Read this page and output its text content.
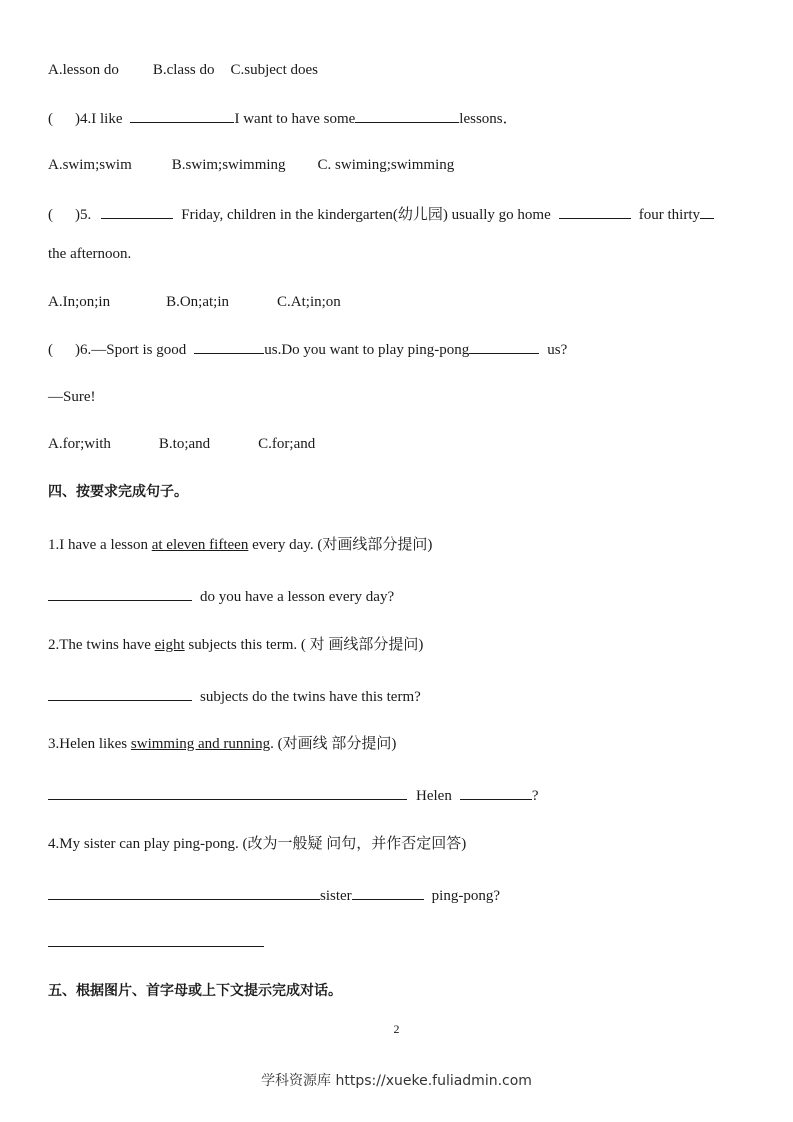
A.lesson do B.class do C.subject does
( )4.I like	I want to have some	lessons．
A.swim;swim	B.swim;swimming C. swiming;swimming
( )5.	Friday, children in the kindergarten(幼儿园) usually go home	four thirty
the afternoon.
A.In;on;in	B.On;at;in	C.At;in;on
( )6.—Sport is good	us.Do you want to play ping-pong	us?
—Sure!
A.for;with	B.to;and	C.for;and
四、按要求完成句子。
1.I have a lesson at eleven fifteen every day. (对画线部分提问)
do you have a lesson every day?
2.The twins have eight subjects this term. ( 对 画线部分提问)
subjects do the twins have this term?
3.Helen likes swimming and running. (对画线 部分提问)
Helen	?
4.My sister can play ping-pong. (改为一般疑 问句，并作否定回答)
sister	ping-pong?
五、根据图片、首字母或上下文提示完成对话。
2
学科资源库 https://xueke.fuliadmin.com
